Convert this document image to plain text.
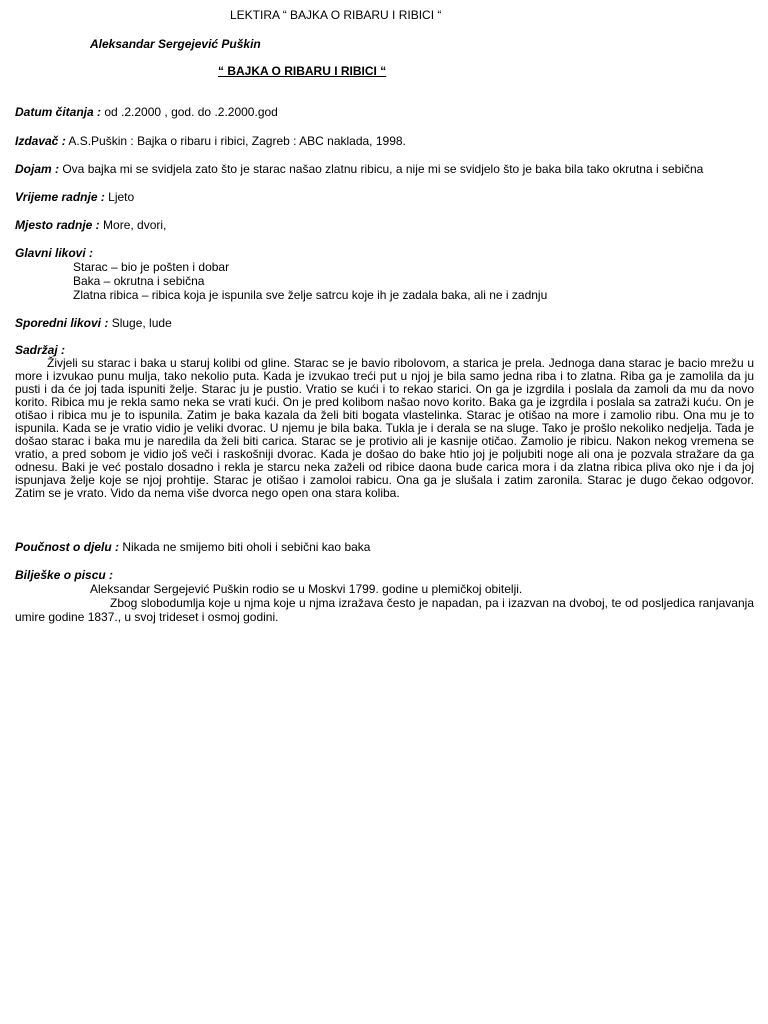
LEKTIRA “ BAJKA O RIBARU I RIBICI “
Aleksandar Sergejević Puškin
“ BAJKA O RIBARU I RIBICI “
Datum čitanja : od .2.2000 , god. do .2.2000.god
Izdavač : A.S.Puškin : Bajka o ribaru i ribici, Zagreb : ABC naklada, 1998.
Dojam : Ova bajka mi se svidjela zato što je starac našao zlatnu ribicu, a nije mi se svidjelo što je baka bila tako okrutna i sebična
Vrijeme radnje : Ljeto
Mjesto radnje : More, dvori,
Glavni likovi :
Starac – bio je pošten i dobar
Baka – okrutna i sebična
Zlatna ribica – ribica koja je ispunila sve želje satrcu koje ih je zadala baka, ali ne i zadnju
Sporedni likovi : Sluge, lude
Sadržaj :
Živjeli su starac i baka u staruj kolibi od gline. Starac se je bavio ribolovom, a starica je prela. Jednoga dana starac je bacio mrežu u more i izvukao punu mulja, tako nekolio puta. Kada je izvukao treći put u njoj je bila samo jedna riba i to zlatna. Riba ga je zamolila da ju pusti i da će joj tada ispuniti želje. Starac ju je pustio. Vratio se kući i to rekao starici. On ga je izgrdila i poslala da zamoli da mu da novo korito. Ribica mu je rekla samo neka se vrati kući. On je pred kolibom našao novo korito. Baka ga je izgrdila i poslala sa zatraži kuću. On je otišao i ribica mu je to ispunila. Zatim je baka kazala da želi biti bogata vlastelinka. Starac je otišao na more i zamolio ribu. Ona mu je to ispunila. Kada se je vratio vidio je veliki dvorac. U njemu je bila baka. Tukla je i derala se na sluge. Tako je prošlo nekoliko nedjelja. Tada je došao starac i baka mu je naredila da želi biti carica. Starac se je protivio ali je kasnije otičao. Zamolio je ribicu. Nakon nekog vremena se vratio, a pred sobom je vidio još veči i raskošniji dvorac. Kada je došao do bake htio joj je poljubiti noge ali ona je pozvala stražare da ga odnesu. Baki je već postalo dosadno i rekla je starcu neka zaželi od ribice daona bude carica mora i da zlatna ribica pliva oko nje i da joj ispunjava želje koje se njoj prohtije. Starac je otišao i zamoloi rabicu. Ona ga je slušala i zatim zaronila. Starac je dugo čekao odgovor. Zatim se je vrato. Vido da nema više dvorca nego open ona stara koliba.
Poučnost o djelu : Nikada ne smijemo biti oholi i sebični kao baka
Bilješke o piscu :
Aleksandar Sergejević Puškin rodio se u Moskvi 1799. godine u plemičkoj obitelji.
Zbog slobodumlja koje u njma koje u njma izražava često je napadan, pa i izazvan na dvoboj, te od posljedica ranjavanja umire godine 1837., u svoj trideset i osmoj godini.
